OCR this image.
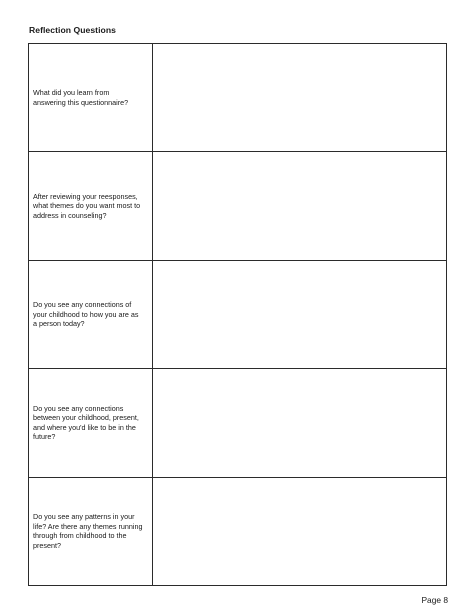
Reflection Questions
What did you learn from
answering this questionnaire?	

After reviewing your reesponses,
what themes do you want most to
address in counseling?	

Do you see any connections of
your childhood to how you are as
a person today?	

Do you see any connections
between your childhood, present,
and where you'd like to be in the
future?	

Do you see any patterns in your
life? Are there any themes running
through from childhood to the
present?	

Page 8
